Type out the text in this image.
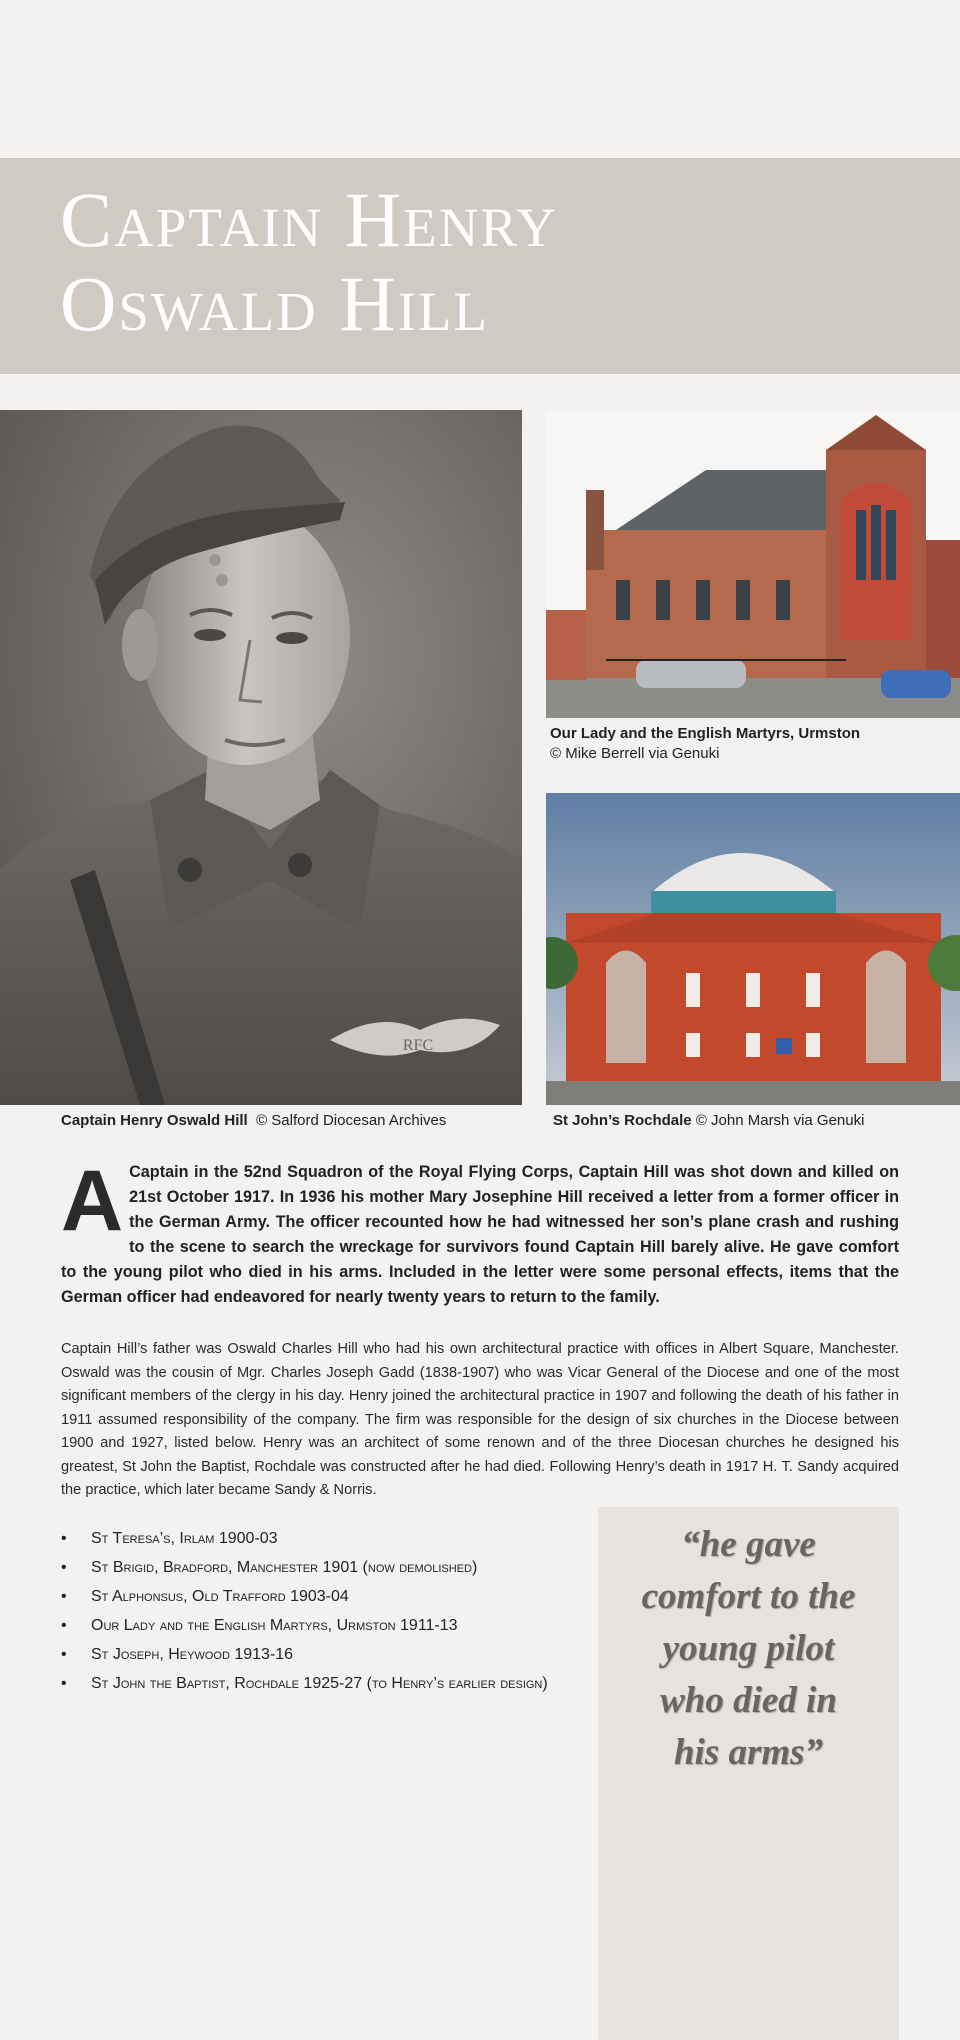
Captain Henry
Oswald Hill
RFC
Captain Henry Oswald Hill © Salford Diocesan Archives
Our Lady and the English Martyrs, Urmston
© Mike Berrell via Genuki
St John’s Rochdale © John Marsh via Genuki

A Captain in the 52nd Squadron of the Royal Flying Corps, Captain Hill was shot down and killed on 21st October 1917. In 1936 his mother Mary Josephine Hill received a letter from a former officer in the German Army. The officer recounted how he had witnessed her son’s plane crash and rushing to the scene to search the wreckage for survivors found Captain Hill barely alive. He gave comfort to the young pilot who died in his arms. Included in the letter were some personal effects, items that the German officer had endeavored for nearly twenty years to return to the family.

Captain Hill’s father was Oswald Charles Hill who had his own architectural practice with offices in Albert Square, Manchester. Oswald was the cousin of Mgr. Charles Joseph Gadd (1838-1907) who was Vicar General of the Diocese and one of the most significant members of the clergy in his day. Henry joined the architectural practice in 1907 and following the death of his father in 1911 assumed responsibility of the company. The firm was responsible for the design of six churches in the Diocese between 1900 and 1927, listed below. Henry was an architect of some renown and of the three Diocesan churches he designed his greatest, St John the Baptist, Rochdale was constructed after he had died. Following Henry’s death in 1917 H. T. Sandy acquired the practice, which later became Sandy & Norris.

• St Teresa’s, Irlam 1900-03
• St Brigid, Bradford, Manchester 1901 (now demolished)
• St Alphonsus, Old Trafford 1903-04
• Our Lady and the English Martyrs, Urmston 1911-13
• St Joseph, Heywood 1913-16
• St John the Baptist, Rochdale 1925-27 (to Henry’s earlier design)

“he gave
comfort to the
young pilot
who died in
his arms”
